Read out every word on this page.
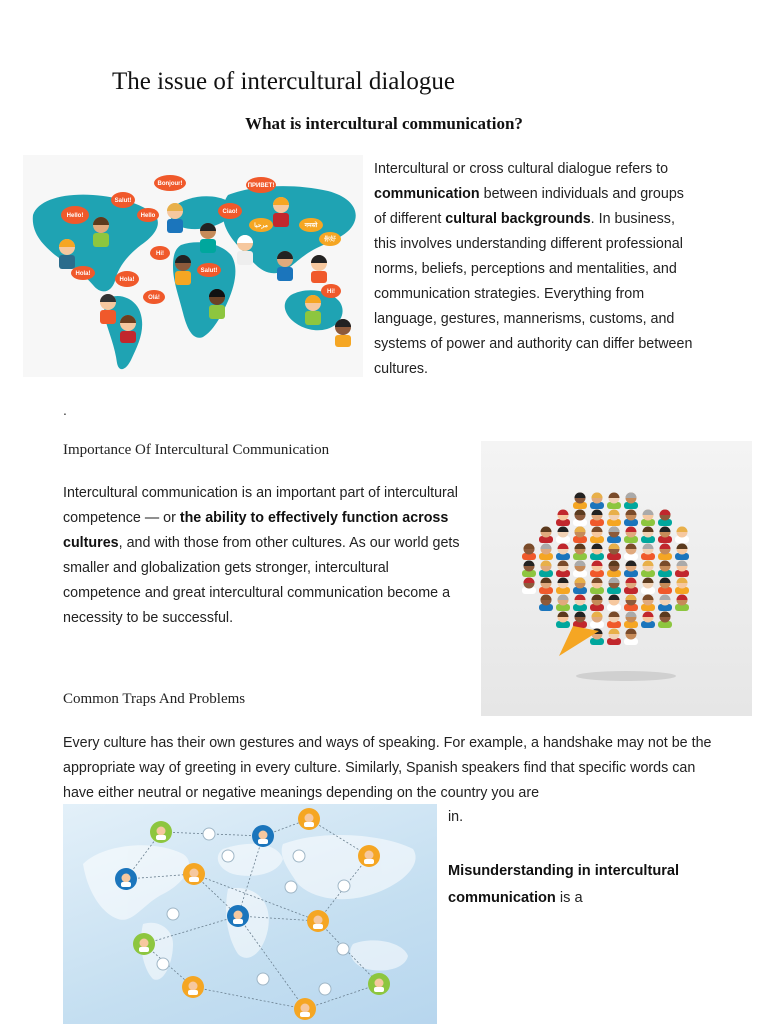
The issue of intercultural dialogue
What is intercultural communication?
Hello!
Salut!
Hola!
Bonjour!
Ciao!
ПРИВЕТ!
مرحبا	नमस्ते
你好
Hi!
Salut!
Hola!
Olá!
Hi!
Hello
Intercultural or cross cultural dialogue refers to communication between individuals and groups of different cultural backgrounds. In business, this involves understanding different professional norms, beliefs, perceptions and mentalities, and communication strategies. Everything from language, gestures, mannerisms, customs, and systems of power and authority can differ between cultures.
.
Importance Of Intercultural Communication
Intercultural communication is an important part of intercultural competence — or the ability to effectively function across cultures, and with those from other cultures. As our world gets smaller and globalization gets stronger, intercultural competence and great intercultural communication become a necessity to be successful.
Common Traps And Problems
Every culture has their own gestures and ways of speaking. For example, a handshake may not be the appropriate way of greeting in every culture. Similarly, Spanish speakers find that specific words can have either neutral or negative meanings depending on the country you are
in.
Misunderstanding in intercultural communication is a
